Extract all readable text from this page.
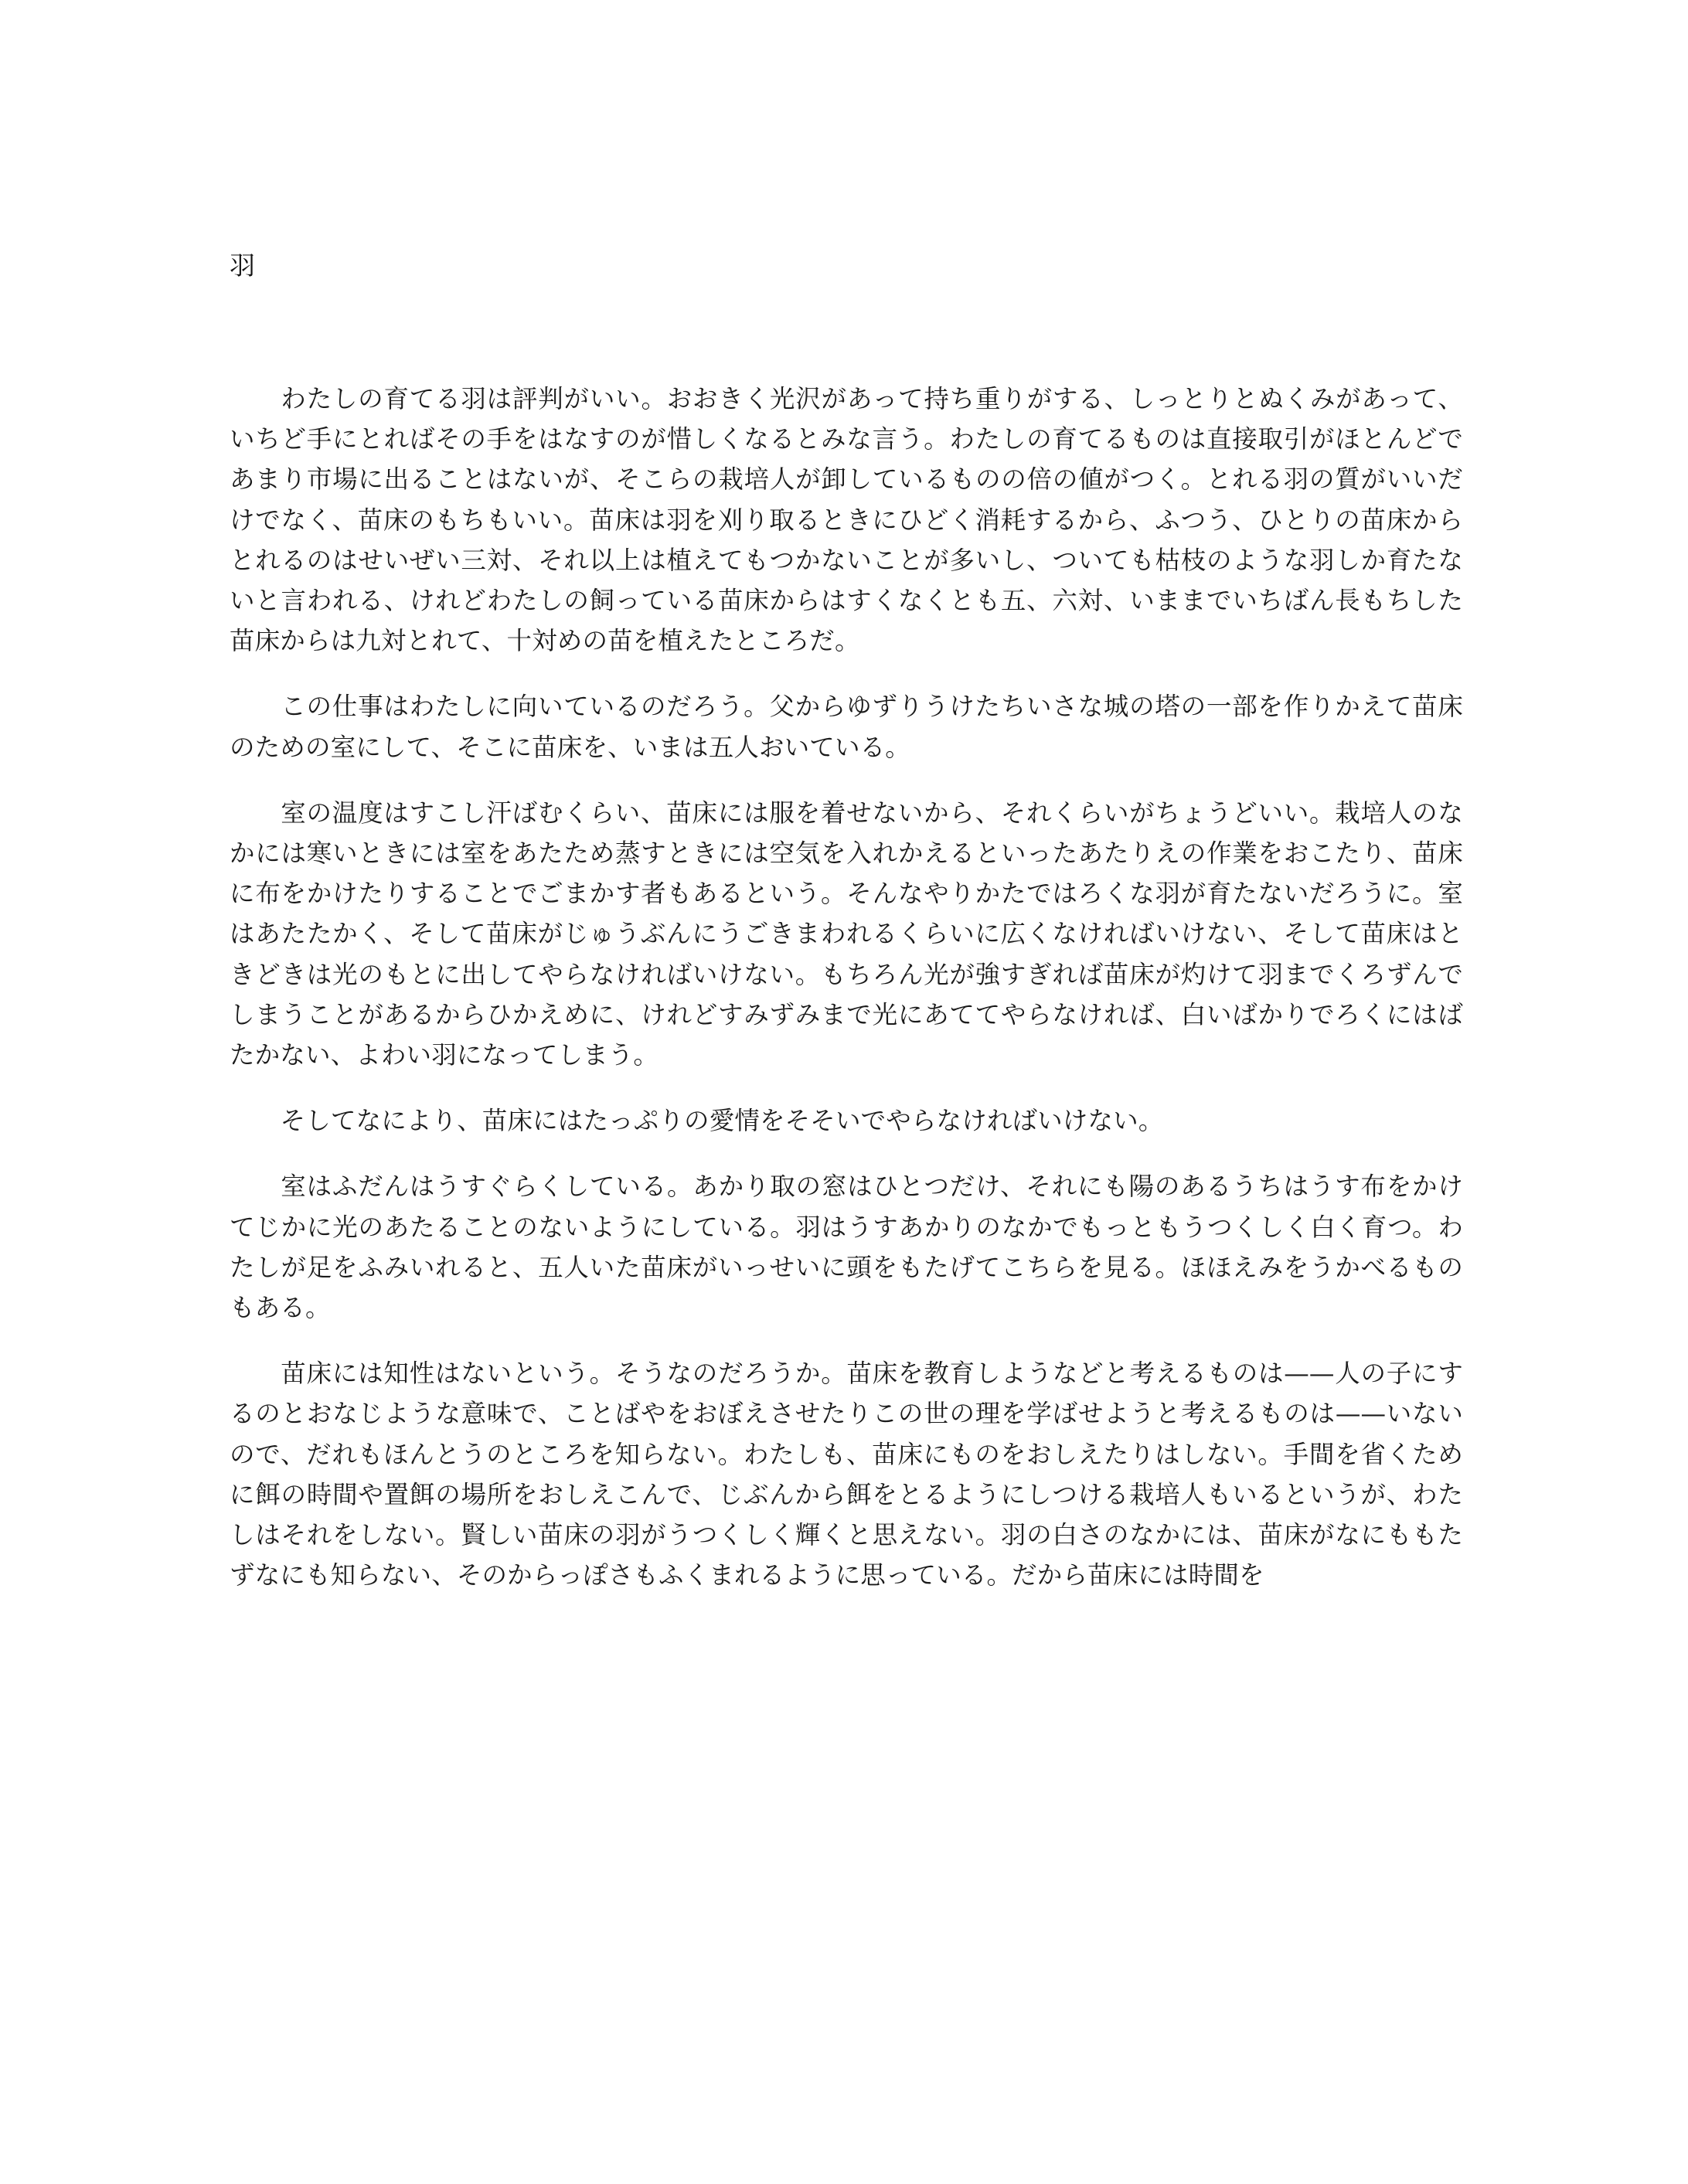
羽

　わたしの育てる羽は評判がいい。おおきく光沢があって持ち重りがする、しっとりとぬくみがあって、いちど手にとればその手をはなすのが惜しくなるとみな言う。わたしの育てるものは直接取引がほとんどであまり市場に出ることはないが、そこらの栽培人が卸しているものの倍の値がつく。とれる羽の質がいいだけでなく、苗床のもちもいい。苗床は羽を刈り取るときにひどく消耗するから、ふつう、ひとりの苗床からとれるのはせいぜい三対、それ以上は植えてもつかないことが多いし、ついても枯枝のような羽しか育たないと言われる、けれどわたしの飼っている苗床からはすくなくとも五、六対、いままでいちばん長もちした苗床からは九対とれて、十対めの苗を植えたところだ。

　この仕事はわたしに向いているのだろう。父からゆずりうけたちいさな城の塔の一部を作りかえて苗床のための室にして、そこに苗床を、いまは五人おいている。

　室の温度はすこし汗ばむくらい、苗床には服を着せないから、それくらいがちょうどいい。栽培人のなかには寒いときには室をあたため蒸すときには空気を入れかえるといったあたりえの作業をおこたり、苗床に布をかけたりすることでごまかす者もあるという。そんなやりかたではろくな羽が育たないだろうに。室はあたたかく、そして苗床がじゅうぶんにうごきまわれるくらいに広くなければいけない、そして苗床はときどきは光のもとに出してやらなければいけない。もちろん光が強すぎれば苗床が灼けて羽までくろずんでしまうことがあるからひかえめに、けれどすみずみまで光にあててやらなければ、白いばかりでろくにはばたかない、よわい羽になってしまう。

　そしてなにより、苗床にはたっぷりの愛情をそそいでやらなければいけない。

　室はふだんはうすぐらくしている。あかり取の窓はひとつだけ、それにも陽のあるうちはうす布をかけてじかに光のあたることのないようにしている。羽はうすあかりのなかでもっともうつくしく白く育つ。わたしが足をふみいれると、五人いた苗床がいっせいに頭をもたげてこちらを見る。ほほえみをうかべるものもある。

　苗床には知性はないという。そうなのだろうか。苗床を教育しようなどと考えるものは——人の子にするのとおなじような意味で、ことばやをおぼえさせたりこの世の理を学ばせようと考えるものは——いないので、だれもほんとうのところを知らない。わたしも、苗床にものをおしえたりはしない。手間を省くために餌の時間や置餌の場所をおしえこんで、じぶんから餌をとるようにしつける栽培人もいるというが、わたしはそれをしない。賢しい苗床の羽がうつくしく輝くと思えない。羽の白さのなかには、苗床がなにももたずなにも知らない、そのからっぽさもふくまれるように思っている。だから苗床には時間を
